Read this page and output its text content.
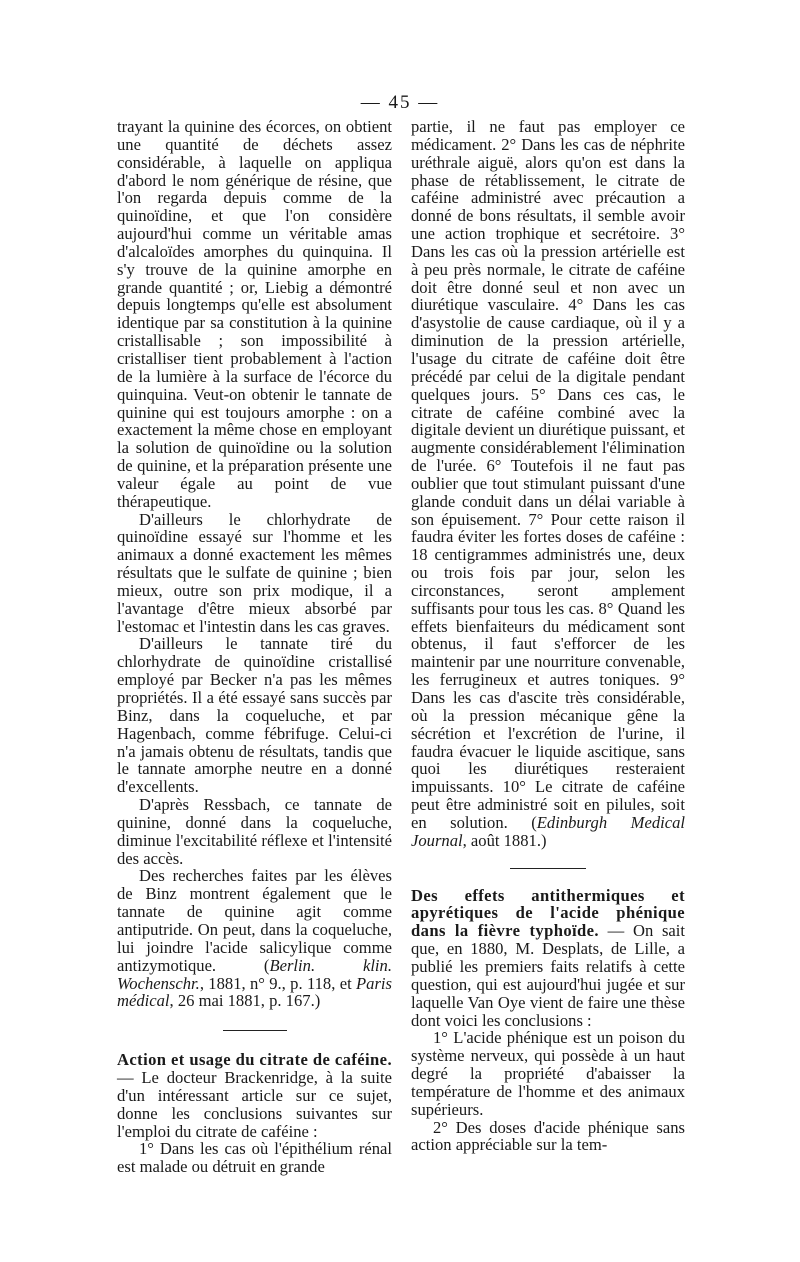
— 45 —

trayant la quinine des écorces, on obtient une quantité de déchets assez considérable, à laquelle on appliqua d'abord le nom générique de résine, que l'on regarda depuis comme de la quinoïdine, et que l'on considère aujourd'hui comme un véritable amas d'alcaloïdes amorphes du quinquina. Il s'y trouve de la quinine amorphe en grande quantité ; or, Liebig a démontré depuis longtemps qu'elle est absolument identique par sa constitution à la quinine cristallisable ; son impossibilité à cristalliser tient probablement à l'action de la lumière à la surface de l'écorce du quinquina. Veut-on obtenir le tannate de quinine qui est toujours amorphe : on a exactement la même chose en employant la solution de quinoïdine ou la solution de quinine, et la préparation présente une valeur égale au point de vue thérapeutique.

D'ailleurs le chlorhydrate de quinoïdine essayé sur l'homme et les animaux a donné exactement les mêmes résultats que le sulfate de quinine ; bien mieux, outre son prix modique, il a l'avantage d'être mieux absorbé par l'estomac et l'intestin dans les cas graves.

D'ailleurs le tannate tiré du chlorhydrate de quinoïdine cristallisé employé par Becker n'a pas les mêmes propriétés. Il a été essayé sans succès par Binz, dans la coqueluche, et par Hagenbach, comme fébrifuge. Celui-ci n'a jamais obtenu de résultats, tandis que le tannate amorphe neutre en a donné d'excellents.

D'après Ressbach, ce tannate de quinine, donné dans la coqueluche, diminue l'excitabilité réflexe et l'intensité des accès.

Des recherches faites par les élèves de Binz montrent également que le tannate de quinine agit comme antiputride. On peut, dans la coqueluche, lui joindre l'acide salicylique comme antizymotique. (Berlin. klin. Wochenschr., 1881, n° 9., p. 118, et Paris médical, 26 mai 1881, p. 167.)

Action et usage du citrate de caféine. — Le docteur Brackenridge, à la suite d'un intéressant article sur ce sujet, donne les conclusions suivantes sur l'emploi du citrate de caféine :

1° Dans les cas où l'épithélium rénal est malade ou détruit en grande

partie, il ne faut pas employer ce médicament. 2° Dans les cas de néphrite uréthrale aiguë, alors qu'on est dans la phase de rétablissement, le citrate de caféine administré avec précaution a donné de bons résultats, il semble avoir une action trophique et secrétoire. 3° Dans les cas où la pression artérielle est à peu près normale, le citrate de caféine doit être donné seul et non avec un diurétique vasculaire. 4° Dans les cas d'asystolie de cause cardiaque, où il y a diminution de la pression artérielle, l'usage du citrate de caféine doit être précédé par celui de la digitale pendant quelques jours. 5° Dans ces cas, le citrate de caféine combiné avec la digitale devient un diurétique puissant, et augmente considérablement l'élimination de l'urée. 6° Toutefois il ne faut pas oublier que tout stimulant puissant d'une glande conduit dans un délai variable à son épuisement. 7° Pour cette raison il faudra éviter les fortes doses de caféine : 18 centigrammes administrés une, deux ou trois fois par jour, selon les circonstances, seront amplement suffisants pour tous les cas. 8° Quand les effets bienfaiteurs du médicament sont obtenus, il faut s'efforcer de les maintenir par une nourriture convenable, les ferrugineux et autres toniques. 9° Dans les cas d'ascite très considérable, où la pression mécanique gêne la sécrétion et l'excrétion de l'urine, il faudra évacuer le liquide ascitique, sans quoi les diurétiques resteraient impuissants. 10° Le citrate de caféine peut être administré soit en pilules, soit en solution. (Edinburgh Medical Journal, août 1881.)

Des effets antithermiques et apyrétiques de l'acide phénique dans la fièvre typhoïde. — On sait que, en 1880, M. Desplats, de Lille, a publié les premiers faits relatifs à cette question, qui est aujourd'hui jugée et sur laquelle Van Oye vient de faire une thèse dont voici les conclusions :

1° L'acide phénique est un poison du système nerveux, qui possède à un haut degré la propriété d'abaisser la température de l'homme et des animaux supérieurs.

2° Des doses d'acide phénique sans action appréciable sur la tem-
